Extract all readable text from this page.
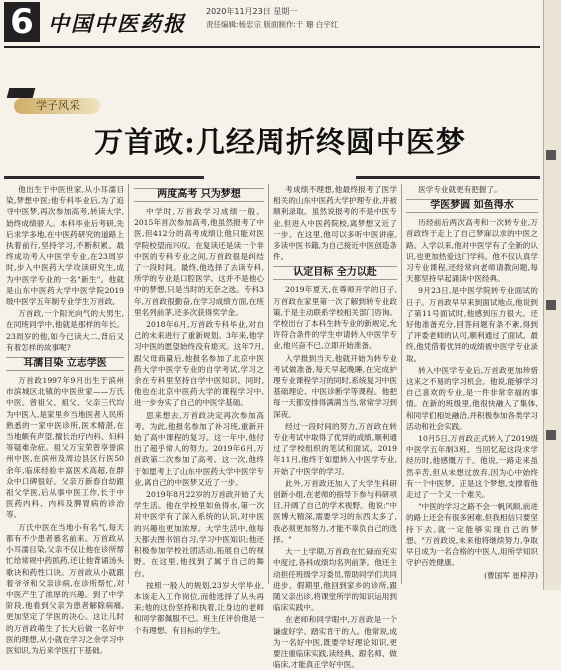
6 中国中医药报	2020年11月23日 星期一
责任编辑:杨忠宗 版面制作:于 珊 白宇红
学子风采
万首政:几经周折终圆中医梦

他出生于中医世家,从小耳濡目染,梦想中医;他专科毕业后,为了追寻中医梦,再次参加高考,转读大学,始终成绩骄人。本科毕业后考研,先后求学多地,在中医药研究的道路上执着前行,坚持学习,不断积累。最终成功考入中医学专业,在23周岁时,步入中医药大学攻读研究生,成为中医学专业的一名"新生"。他就是山东中医药大学中医学院2019级中医学五年制专业学生万首政。

万首政,一个阳光向气的大男生,在同班同学中,他就是那样的年长。23周岁的他,如今已读大二,背后又有着怎样的故事呢?

耳濡目染 立志学医

万首政1997年9月出生于滨州市滨城区北镇的中医世家——万氏中医。曾祖父、祖父、父亲三代均为中医人,是家里乡当地医者人民所熟悉的一家中医诊所,医术精湛,在当地颇有声望,擅长治疗内科、妇科等疑难杂症。祖父万宝荣曾享誉滨州中医,在滨州及周边县区行医50余年,临床经验丰富医术高超,在群众中口碑很好。父亲万新春自幼跟祖父学医,后从事中医工作,长于中医药内科、内科及脾胃病的诊治等。

万氏中医在当地小有名气,每天都有不少患者慕名前来。万首政从小耳濡目染,父亲不仅让他在诊所帮忙给常规中药抓药,还让他背诵汤头歌诀和药性口诀。万首政从小就跟着爷爷和父亲诊病,在诊所帮忙,对中医产生了浓厚的兴趣。到了中学阶段,他看到父亲为患者解除病痛,更加坚定了学医的决心。这让儿时的万首政萌生了长大后做一名好中医的理想,从小就在学习之余学习中医知识,为后来学医打下基础。

两度高考 只为梦想

中学时,万首政学习成绩一般。2015年首次参加高考,他虽然报考了中医,但412分的高考成绩让他只能对医学院校望而兴叹。在复读还是读一个非中医的专科专业之间,万首政很是纠结了一段时间。最终,他选择了去读专科,所学的专业是口腔医学。这并不是他心中的梦想,只是当时的无奈之选。专科3年,万首政很勤奋,在学习成绩方面,在班里名列前茅,还多次获得奖学金。

2018年6月,万首政专科毕业,对自己的未来进行了重新规划。3年来,他学习中医的愿望始终没有熄灭。这年7月,跟父母商量后,他报名参加了北京中医药大学中医学专业的自学考试,学习之余在专科里坚持自学中医知识。同时,他也在北京中医药大学的课程学习中,进一步夯实了自己的中医学基础。

思来想去,万首政决定再次参加高考。为此,他报名参加了补习班,重新开始了高中课程的复习。这一年中,他付出了超乎常人的努力。2019年6月,万首政第二次参加了高考。这一次,他终于如愿考上了山东中医药大学中医学专业,离自己的中医梦又近了一步。

2019年8月22岁的万首政开始了大学生活。他在学校里如鱼得水,第一次对中医学有了深入系统的认识,对中医的兴趣也更加浓厚。大学生活中,他每天都去图书馆自习,学习中医知识;他还积极参加学校社团活动,拓展自己的视野。在这里,他找到了属于自己的舞台。

按照一般人的规划,23岁大学毕业,本该走入工作岗位,而他选择了从头再来;他的这份坚持和执着,让身边的老师和同学都佩服不已。班主任评价他是一个有理想、有目标的学生。

考成绩不理想,他最终报考了医学相关的山东中医药大学护理专业,并被顺利录取。虽然说报考的不是中医专业,但进入中医药院校,离梦想又近了一步。在这里,他可以多听中医讲座,多读中医书籍,为自己接近中医创造条件。

认定目标 全力以赴

2019年夏天,在尊师开学的日子,万首政在家里第一次了解到转专业政策,于是主动联系学校相关部门咨询。学校出台了本科生转专业的新规定,允许符合条件的学生申请转入中医学专业,他兴奋不已,立即开始准备。

入学报到当天,他就开始为转专业考试做准备,每天早起晚睡,在完成护理专业课程学习的同时,系统复习中医基础理论、中医诊断学等课程。他把每一天都安排得满满当当,常常学习到深夜。

经过一段时间的努力,万首政在转专业考试中取得了优异的成绩,顺利通过了学校组织的笔试和面试。2019年11月,他终于如愿转入中医学专业,开始了中医学的学习。

此外,万首政还加入了大学生科研创新小组,在老师的指导下参与科研项目,开阔了自己的学术视野。他说:"中医博大精深,需要学习的东西太多了,我必须更加努力,才能不辜负自己的选择。"

大一上学期,万首政在忙碌而充实中度过,各科成绩均名列前茅。他还主动担任班级学习委员,帮助同学们共同进步。假期里,他回到家乡的诊所,跟随父亲出诊,将课堂所学的知识运用到临床实践中。

在老师和同学眼中,万首政是一个谦虚好学、踏实肯干的人。他常说,成为一名好中医,既要学好理论知识,更要注重临床实践,读经典、跟名师、做临床,才能真正学好中医。

医学专业就更有把握了。

学医梦圆 如鱼得水

历经前后两次高考和一次转专业,万首政终于走上了自己梦寐以求的中医之路。入学以来,他对中医学有了全新的认识,也更加热爱这门学科。他不仅认真学习专业课程,还经常向老师请教问题,每天都坚持早起诵读中医经典。

9月23日,是中医学院转专业面试的日子。万首政早早来到面试地点,他说到了第11号面试时,他感到压力很大。还好他准备充分,回答问题有条不紊,得到了评委老师的认可,顺利通过了面试。最终,他凭借着优异的成绩被中医学专业录取。

转入中医学专业后,万首政更加珍惜这来之不易的学习机会。他说,能够学习自己喜欢的专业,是一件非常幸福的事情。在新的班级里,他很快融入了集体,和同学们相处融洽,并积极参加各类学习活动和社会实践。

10月5日,万首政正式转入了2019级中医学五年制3班。当回忆起这段求学经历时,他感慨万千。他说,一路走来虽然辛苦,但从未想过放弃,因为心中始终有一个中医梦。正是这个梦想,支撑着他走过了一个又一个难关。

"中医的学习之路不会一帆风顺,前进的路上还会有很多困难,但我相信只要坚持下去,就一定能够实现自己的梦想。"万首政说,未来他将继续努力,争取早日成为一名合格的中医人,用所学知识守护百姓健康。

(曹国军 崔梓淳)
